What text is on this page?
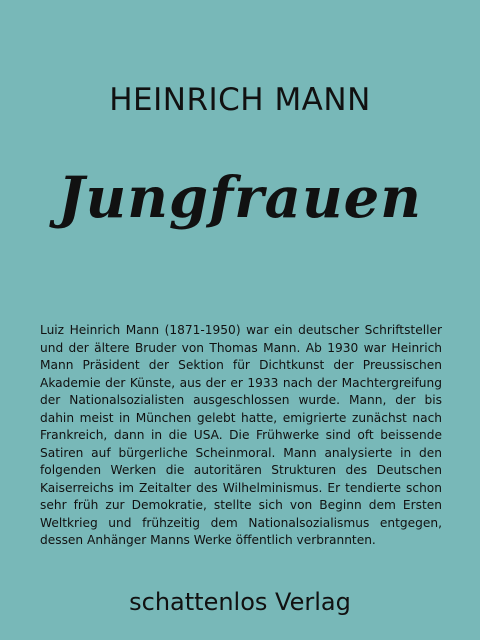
HEINRICH MANN
Jungfrauen
Luiz Heinrich Mann (1871-1950) war ein deutscher Schriftsteller und der ältere Bruder von Thomas Mann. Ab 1930 war Heinrich Mann Präsident der Sektion für Dichtkunst der Preussischen Akademie der Künste, aus der er 1933 nach der Machtergreifung der Nationalsozialisten ausgeschlossen wurde. Mann, der bis dahin meist in München gelebt hatte, emigrierte zunächst nach Frankreich, dann in die USA. Die Frühwerke sind oft beissende Satiren auf bürgerliche Scheinmoral. Mann analysierte in den folgenden Werken die autoritären Strukturen des Deutschen Kaiserreichs im Zeitalter des Wilhelminismus. Er tendierte schon sehr früh zur Demokratie, stellte sich von Beginn dem Ersten Weltkrieg und frühzeitig dem Nationalsozialismus entgegen, dessen Anhänger Manns Werke öffentlich verbrannten.
schattenlos Verlag
